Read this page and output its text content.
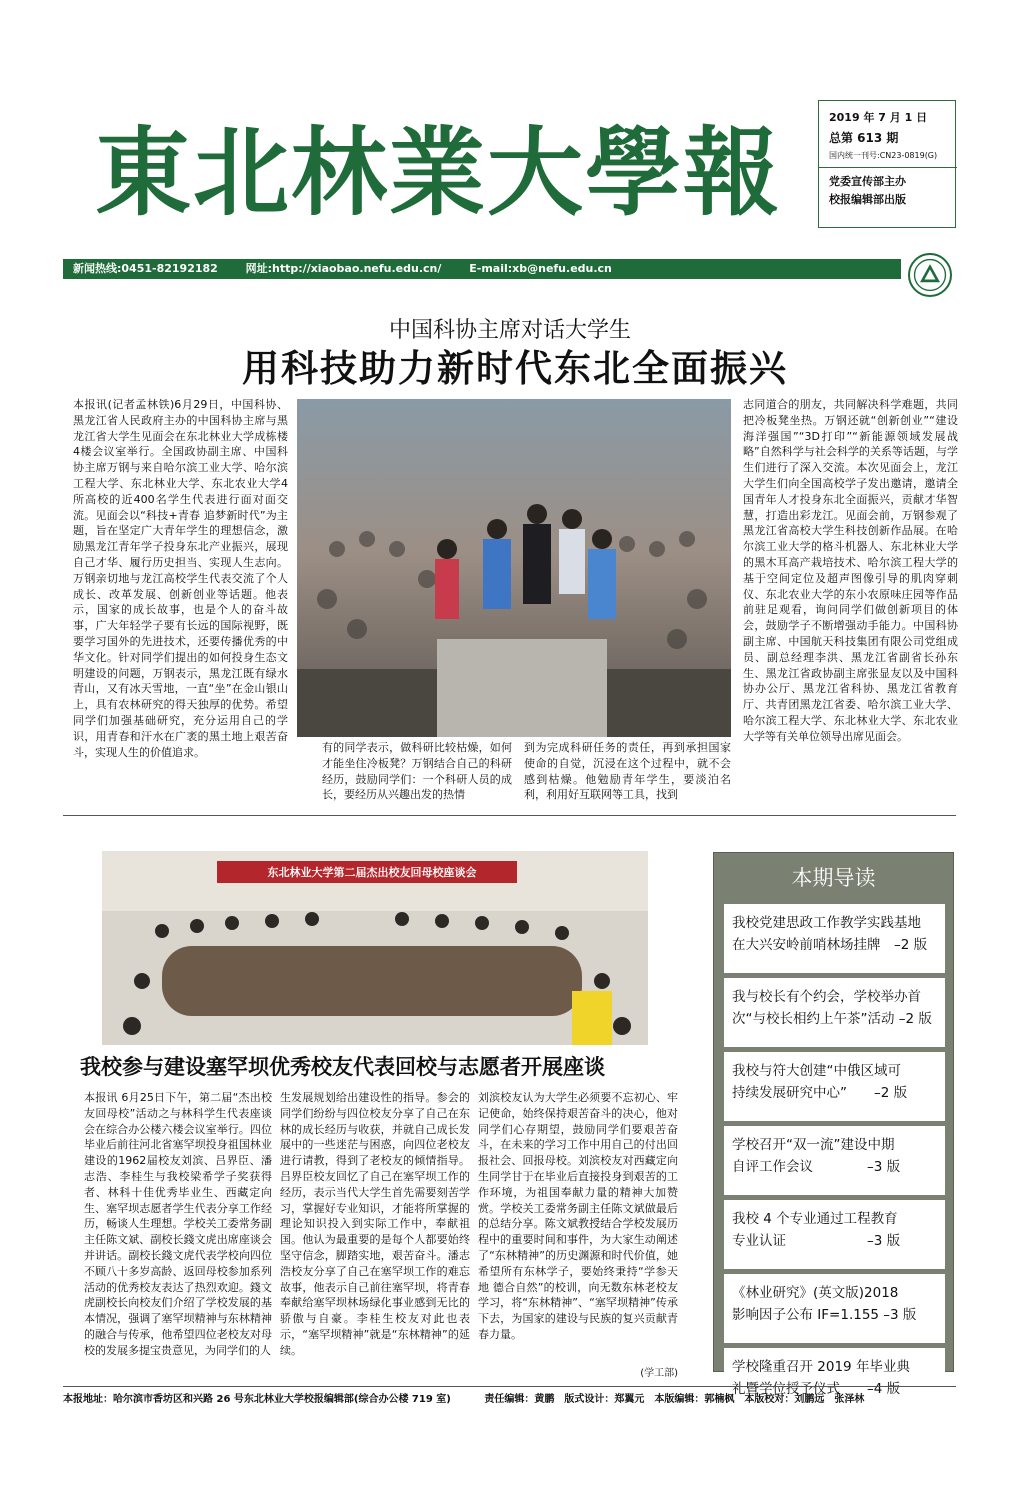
東北林業大學報	2019 年 7 月 1 日
总第 613 期
国内统一刊号:CN23-0819(G)
党委宣传部主办
校报编辑部出版
新闻热线:0451-82192182	网址:http://xiaobao.nefu.edu.cn/	E-mail:xb@nefu.edu.cn
中国科协主席对话大学生
用科技助力新时代东北全面振兴
本报讯(记者孟林铁)6月29日，中国科协、黑龙江省人民政府主办的中国科协主席与黑龙江省大学生见面会在东北林业大学成栋楼4楼会议室举行。全国政协副主席、中国科协主席万钢与来自哈尔滨工业大学、哈尔滨工程大学、东北林业大学、东北农业大学4所高校的近400名学生代表进行面对面交流。见面会以“科技+青春 追梦新时代”为主题，旨在坚定广大青年学生的理想信念，激励黑龙江青年学子投身东北产业振兴，展现自己才华、履行历史担当、实现人生志向。万钢亲切地与龙江高校学生代表交流了个人成长、改革发展、创新创业等话题。他表示，国家的成长故事，也是个人的奋斗故事，广大年轻学子要有长远的国际视野，既要学习国外的先进技术，还要传播优秀的中华文化。针对同学们提出的如何投身生态文明建设的问题，万钢表示，黑龙江既有绿水青山，又有冰天雪地，一直“坐”在金山银山上，具有农林研究的得天独厚的优势。希望同学们加强基础研究，充分运用自己的学识，用青春和汗水在广袤的黑土地上艰苦奋斗，实现人生的价值追求。	有的同学表示，做科研比较枯燥，如何才能坐住冷板凳？万钢结合自己的科研经历，鼓励同学们：一个科研人员的成长，要经历从兴趣出发的热情
到为完成科研任务的责任，再到承担国家使命的自觉，沉浸在这个过程中，就不会感到枯燥。他勉励青年学生，要淡泊名利，利用好互联网等工具，找到
志同道合的朋友，共同解决科学难题，共同把冷板凳坐热。万钢还就“创新创业”“建设海洋强国”“3D打印”“新能源领域发展战略”自然科学与社会科学的关系等话题，与学生们进行了深入交流。本次见面会上，龙江大学生们向全国高校学子发出邀请，邀请全国青年人才投身东北全面振兴，贡献才华智慧，打造出彩龙江。见面会前，万钢参观了黑龙江省高校大学生科技创新作品展。在哈尔滨工业大学的格斗机器人、东北林业大学的黑木耳高产栽培技术、哈尔滨工程大学的基于空间定位及超声图像引导的肌肉穿刺仪、东北农业大学的东小农原味庄园等作品前驻足观看，询问同学们做创新项目的体会，鼓励学子不断增强动手能力。中国科协副主席、中国航天科技集团有限公司党组成员、副总经理李洪、黑龙江省副省长孙东生、黑龙江省政协副主席张显友以及中国科协办公厅、黑龙江省科协、黑龙江省教育厅、共青团黑龙江省委、哈尔滨工业大学、哈尔滨工程大学、东北林业大学、东北农业大学等有关单位领导出席见面会。
东北林业大学第二届杰出校友回母校座谈会	本期导读
我校党建思政工作教学实践基地
在大兴安岭前哨林场挂牌　–2 版
我与校长有个约会，学校举办首
次“与校长相约上午茶”活动 –2 版
我校与符大创建“中俄区域可
持续发展研究中心”　　–2 版
学校召开“双一流”建设中期
自评工作会议　　　　–3 版
我校 4 个专业通过工程教育
专业认证　　　　　　–3 版
《林业研究》(英文版)2018
影响因子公布 IF=1.155 –3 版
学校隆重召开 2019 年毕业典
礼暨学位授予仪式　　–4 版
我校参与建设塞罕坝优秀校友代表回校与志愿者开展座谈
本报讯 6月25日下午，第二届“杰出校友回母校”活动之与林科学生代表座谈会在综合办公楼六楼会议室举行。四位毕业后前往河北省塞罕坝投身祖国林业建设的1962届校友刘滨、吕界臣、潘志浩、李桂生与我校梁希学子奖获得者、林科十佳优秀毕业生、西藏定向生、塞罕坝志愿者学生代表分享工作经历，畅谈人生理想。学校关工委常务副主任陈文斌、副校长錢文虎出席座谈会并讲话。副校长錢文虎代表学校向四位不顾八十多岁高龄、返回母校参加系列活动的优秀校友表达了热烈欢迎。錢文虎副校长向校友们介绍了学校发展的基本情况，强调了塞罕坝精神与东林精神的融合与传承，他希望四位老校友对母校的发展多提宝贵意见，为同学们的人
生发展规划给出建设性的指导。参会的同学们纷纷与四位校友分享了自己在东林的成长经历与收获，并就自己成长发展中的一些迷茫与困惑，向四位老校友进行请教，得到了老校友的倾情指导。吕界臣校友回忆了自己在塞罕坝工作的经历，表示当代大学生首先需要刻苦学习，掌握好专业知识，才能将所掌握的理论知识投入到实际工作中，奉献祖国。他认为最重要的是每个人都要始终坚守信念，脚踏实地，艰苦奋斗。潘志浩校友分享了自己在塞罕坝工作的难忘故事，他表示自己前往塞罕坝，将青春奉献给塞罕坝林场绿化事业感到无比的骄傲与自豪。李桂生校友对此也表示，“塞罕坝精神”就是“东林精神”的延续。
刘滨校友认为大学生必须要不忘初心、牢记使命，始终保持艰苦奋斗的决心，他对同学们心存期望，鼓励同学们要艰苦奋斗，在未来的学习工作中用自己的付出回报社会、回报母校。刘滨校友对西藏定向生同学甘于在毕业后直接投身到艰苦的工作环境，为祖国奉献力量的精神大加赞赏。学校关工委常务副主任陈文斌做最后的总结分享。陈文斌教授结合学校发展历程中的重要时间和事件，为大家生动阐述了“东林精神”的历史渊源和时代价值，她希望所有东林学子，要始终秉持“学参天地 德合自然”的校训，向无数东林老校友学习，将“东林精神”、“塞罕坝精神”传承下去，为国家的建设与民族的复兴贡献青春力量。
(学工部)
本报地址：哈尔滨市香坊区和兴路 26 号东北林业大学校报编辑部(综合办公楼 719 室)	责任编辑：黄鹏　版式设计：郑翼元　本版编辑：郭楠枫　本版校对：刘鹏远　张泽林
